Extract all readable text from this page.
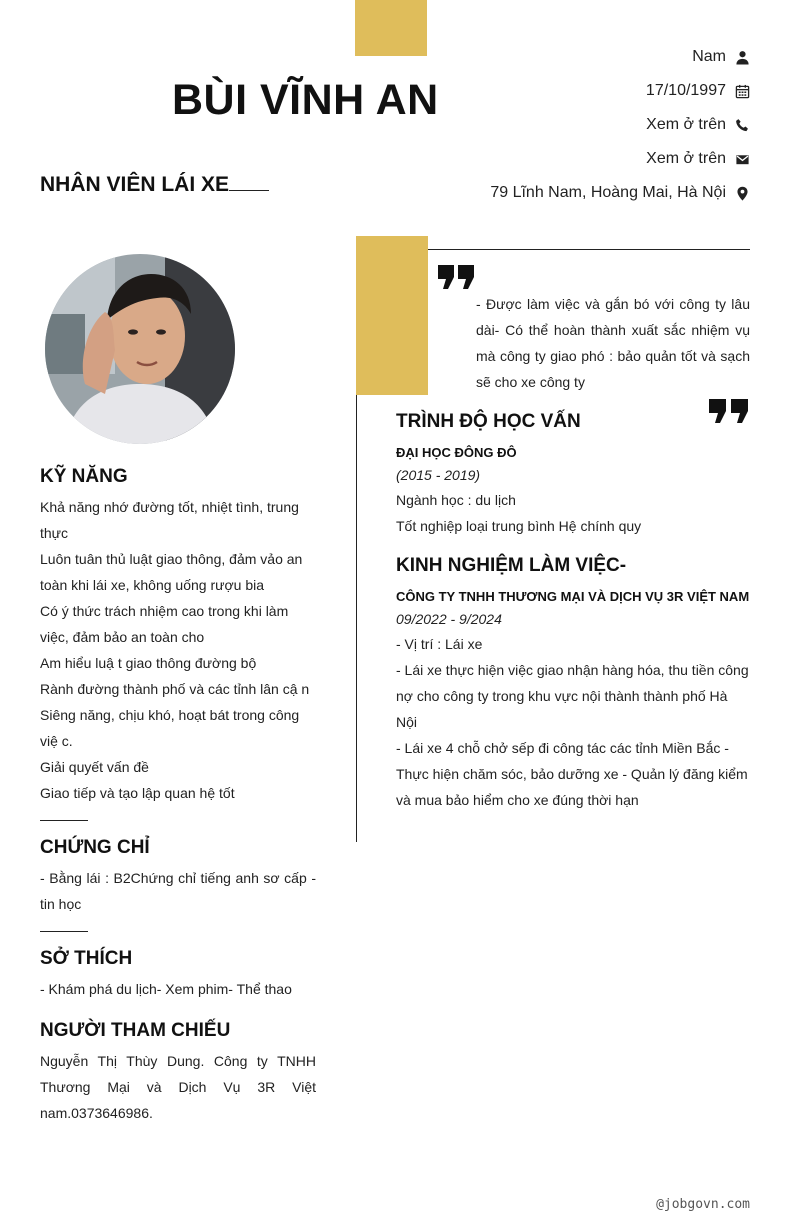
BÙI VĨNH AN
NHÂN VIÊN LÁI XE
Nam
17/10/1997
Xem ở trên
Xem ở trên
79 Lĩnh Nam, Hoàng Mai, Hà Nội
- Được làm việc và gắn bó với công ty lâu dài- Có thể hoàn thành xuất sắc nhiệm vụ mà công ty giao phó : bảo quản tốt và sạch sẽ cho xe công ty
KỸ NĂNG
Khả năng nhớ đường tốt, nhiệt tình, trung thực
Luôn tuân thủ luật giao thông, đảm vảo an toàn khi lái xe, không uống rượu bia
Có ý thức trách nhiệm cao trong khi làm việc, đảm bảo an toàn cho
Am hiểu luậ t giao thông đường bộ
Rành đường thành phố và các tỉnh lân cậ n
Siêng năng, chịu khó, hoạt bát trong công việ c.
Giải quyết vấn đề
Giao tiếp và tạo lập quan hệ tốt
CHỨNG CHỈ
- Bằng lái : B2Chứng chỉ tiếng anh sơ cấp - tin học
SỞ THÍCH
- Khám phá du lịch- Xem phim- Thể thao
NGƯỜI THAM CHIẾU
Nguyễn Thị Thùy Dung. Công ty TNHH Thương Mại và Dịch Vụ 3R Việt nam.0373646986.
TRÌNH ĐỘ HỌC VẤN
ĐẠI HỌC ĐÔNG ĐÔ
(2015 - 2019)
Ngành học : du lịch
Tốt nghiệp loại trung bình Hệ chính quy
KINH NGHIỆM LÀM VIỆC-
CÔNG TY TNHH THƯƠNG MẠI VÀ DỊCH VỤ 3R VIỆT NAM
09/2022 - 9/2024
- Vị trí : Lái xe
- Lái xe thực hiện việc giao nhận hàng hóa, thu tiền công nợ cho công ty trong khu vực nội thành thành phố Hà Nội
- Lái xe 4 chỗ chở sếp đi công tác các tỉnh Miền Bắc - Thực hiện chăm sóc, bảo dưỡng xe - Quản lý đăng kiểm và mua bảo hiểm cho xe đúng thời hạn
@jobgovn.com
